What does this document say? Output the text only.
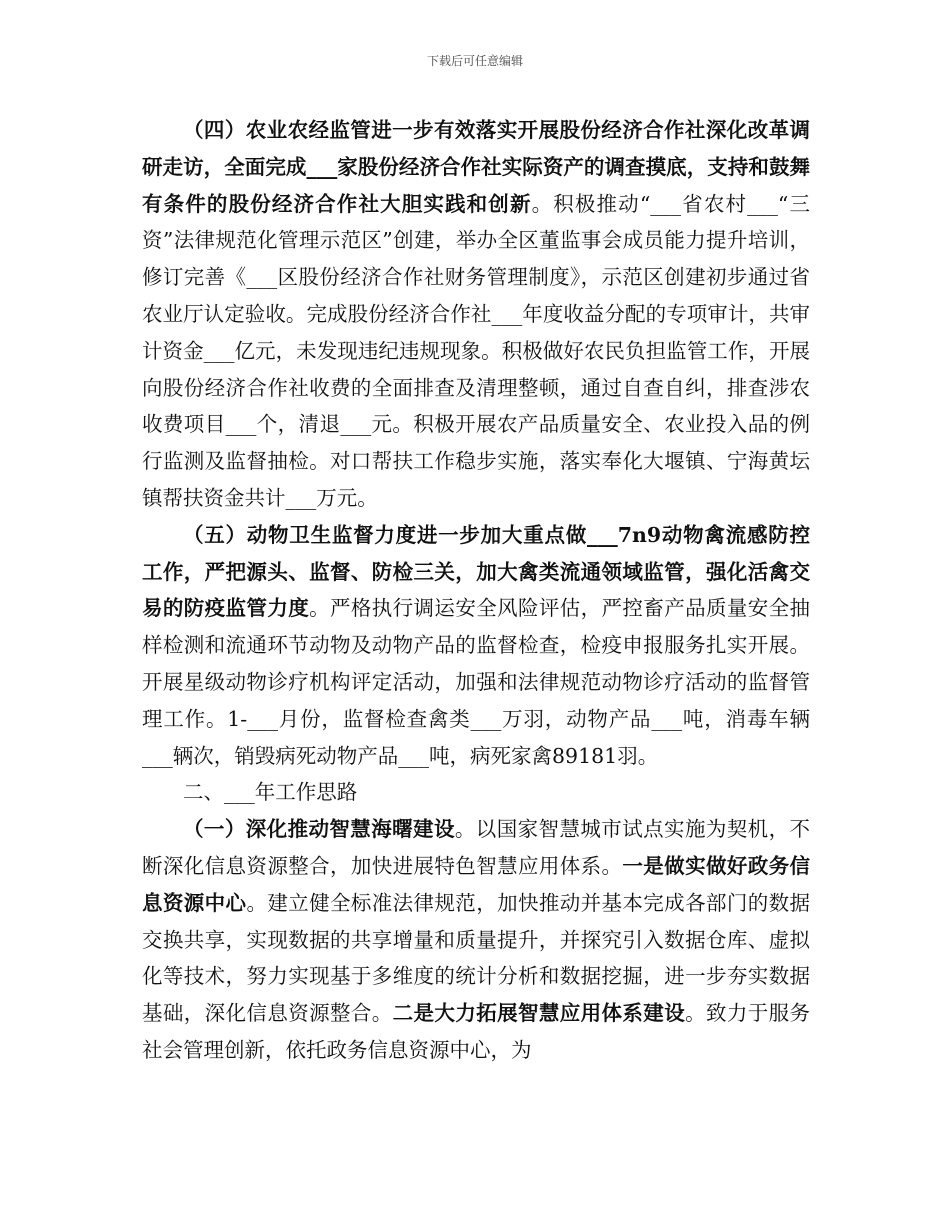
下载后可任意编辑

（四）农业农经监管进一步有效落实开展股份经济合作社深化改革调研走访，全面完成___家股份经济合作社实际资产的调查摸底，支持和鼓舞有条件的股份经济合作社大胆实践和创新。积极推动“___省农村___“三资”法律规范化管理示范区”创建，举办全区董监事会成员能力提升培训，修订完善《___区股份经济合作社财务管理制度》，示范区创建初步通过省农业厅认定验收。完成股份经济合作社___年度收益分配的专项审计，共审计资金___亿元，未发现违纪违规现象。积极做好农民负担监管工作，开展向股份经济合作社收费的全面排查及清理整顿，通过自查自纠，排查涉农收费项目___个，清退___元。积极开展农产品质量安全、农业投入品的例行监测及监督抽检。对口帮扶工作稳步实施，落实奉化大堰镇、宁海黄坛镇帮扶资金共计___万元。

（五）动物卫生监督力度进一步加大重点做___7n9动物禽流感防控工作，严把源头、监督、防检三关，加大禽类流通领域监管，强化活禽交易的防疫监管力度。严格执行调运安全风险评估，严控畜产品质量安全抽样检测和流通环节动物及动物产品的监督检查，检疫申报服务扎实开展。开展星级动物诊疗机构评定活动，加强和法律规范动物诊疗活动的监督管理工作。1-___月份，监督检查禽类___万羽，动物产品___吨，消毒车辆___辆次，销毁病死动物产品___吨，病死家禽89181羽。

二、___年工作思路

（一）深化推动智慧海曙建设。以国家智慧城市试点实施为契机，不断深化信息资源整合，加快进展特色智慧应用体系。一是做实做好政务信息资源中心。建立健全标准法律规范，加快推动并基本完成各部门的数据交换共享，实现数据的共享增量和质量提升，并探究引入数据仓库、虚拟化等技术，努力实现基于多维度的统计分析和数据挖掘，进一步夯实数据基础，深化信息资源整合。二是大力拓展智慧应用体系建设。致力于服务社会管理创新，依托政务信息资源中心，为
